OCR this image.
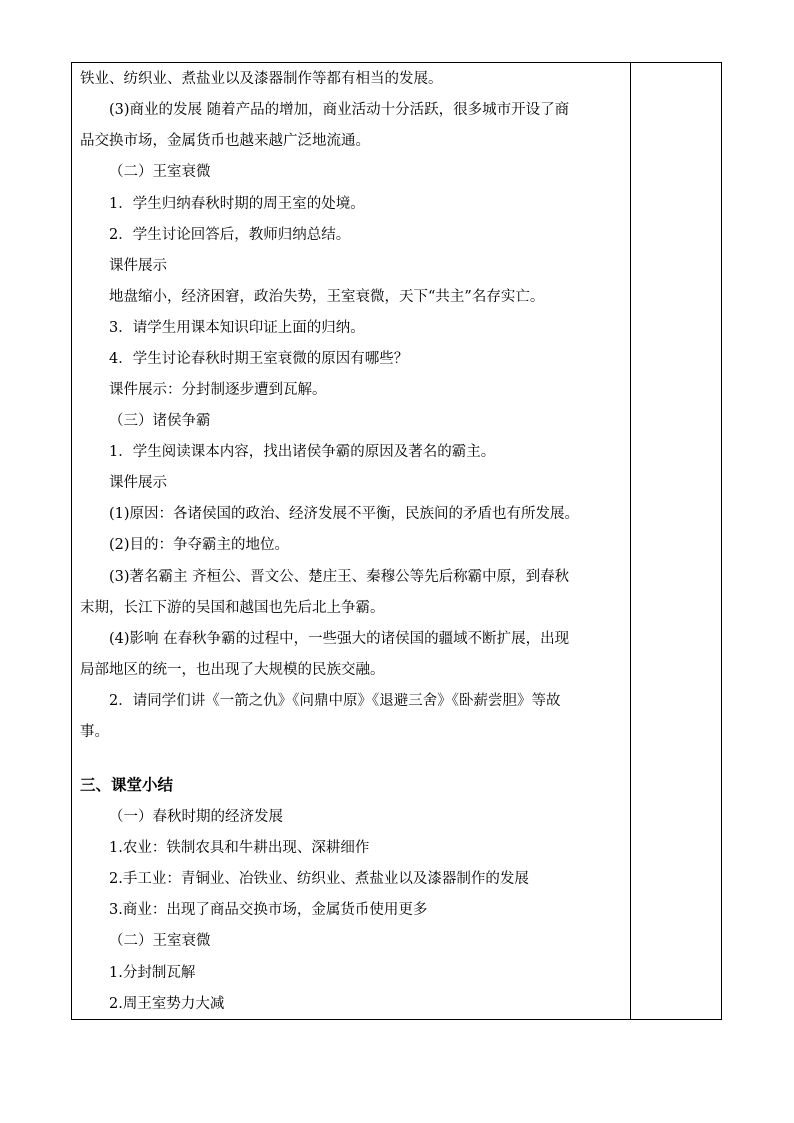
铁业、纺织业、煮盐业以及漆器制作等都有相当的发展。
(3)商业的发展 随着产品的增加，商业活动十分活跃，很多城市开设了商
品交换市场，金属货币也越来越广泛地流通。
（二）王室衰微
1．学生归纳春秋时期的周王室的处境。
2．学生讨论回答后，教师归纳总结。
课件展示
地盘缩小，经济困窘，政治失势，王室衰微，天下“共主”名存实亡。
3．请学生用课本知识印证上面的归纳。
4．学生讨论春秋时期王室衰微的原因有哪些？
课件展示：分封制逐步遭到瓦解。
（三）诸侯争霸
1．学生阅读课本内容，找出诸侯争霸的原因及著名的霸主。
课件展示
(1)原因：各诸侯国的政治、经济发展不平衡，民族间的矛盾也有所发展。
(2)目的：争夺霸主的地位。
(3)著名霸主 齐桓公、晋文公、楚庄王、秦穆公等先后称霸中原，到春秋
末期，长江下游的吴国和越国也先后北上争霸。
(4)影响 在春秋争霸的过程中，一些强大的诸侯国的疆域不断扩展，出现
局部地区的统一，也出现了大规模的民族交融。
2．请同学们讲《一箭之仇》《问鼎中原》《退避三舍》《卧薪尝胆》等故
事。
三、课堂小结
（一）春秋时期的经济发展
1.农业：铁制农具和牛耕出现、深耕细作
2.手工业：青铜业、冶铁业、纺织业、煮盐业以及漆器制作的发展
3.商业：出现了商品交换市场，金属货币使用更多
（二）王室衰微
1.分封制瓦解
2.周王室势力大减
